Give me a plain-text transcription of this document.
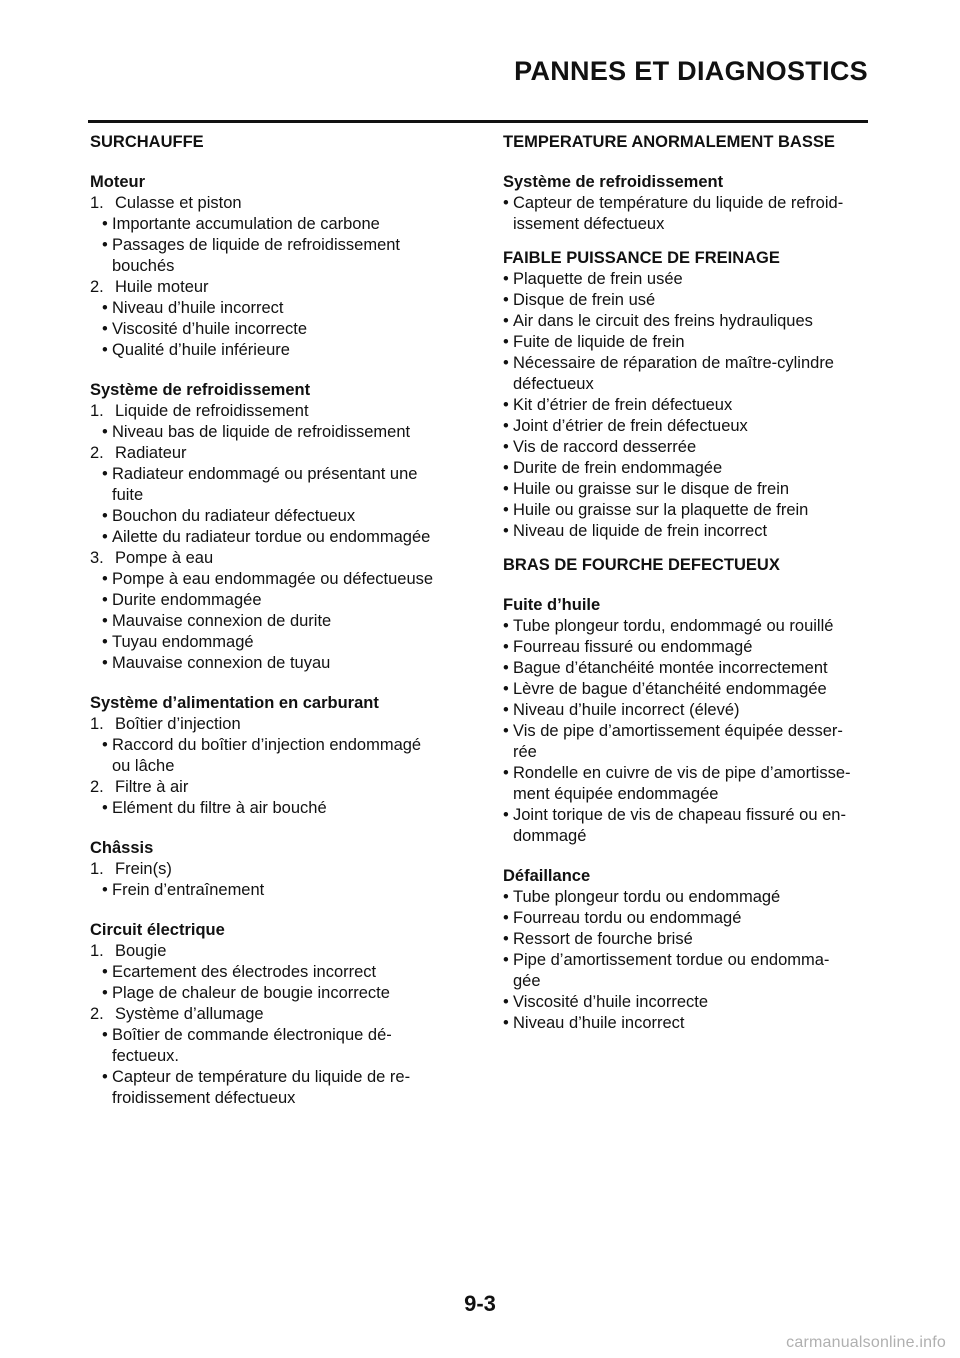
PANNES ET DIAGNOSTICS
SURCHAUFFE
Moteur
1. Culasse et piston
• Importante accumulation de carbone
• Passages de liquide de refroidissement
bouchés
2. Huile moteur
• Niveau d’huile incorrect
• Viscosité d’huile incorrecte
• Qualité d’huile inférieure
Système de refroidissement
1. Liquide de refroidissement
• Niveau bas de liquide de refroidissement
2. Radiateur
• Radiateur endommagé ou présentant une
fuite
• Bouchon du radiateur défectueux
• Ailette du radiateur tordue ou endommagée
3. Pompe à eau
• Pompe à eau endommagée ou défectueuse
• Durite endommagée
• Mauvaise connexion de durite
• Tuyau endommagé
• Mauvaise connexion de tuyau
Système d’alimentation en carburant
1. Boîtier d’injection
• Raccord du boîtier d’injection endommagé
ou lâche
2. Filtre à air
• Elément du filtre à air bouché
Châssis
1. Frein(s)
• Frein d’entraînement
Circuit électrique
1. Bougie
• Ecartement des électrodes incorrect
• Plage de chaleur de bougie incorrecte
2. Système d’allumage
• Boîtier de commande électronique dé-
fectueux.
• Capteur de température du liquide de re-
froidissement défectueux
TEMPERATURE ANORMALEMENT BASSE
Système de refroidissement
• Capteur de température du liquide de refroid-
issement défectueux
FAIBLE PUISSANCE DE FREINAGE
• Plaquette de frein usée
• Disque de frein usé
• Air dans le circuit des freins hydrauliques
• Fuite de liquide de frein
• Nécessaire de réparation de maître-cylindre
défectueux
• Kit d’étrier de frein défectueux
• Joint d’étrier de frein défectueux
• Vis de raccord desserrée
• Durite de frein endommagée
• Huile ou graisse sur le disque de frein
• Huile ou graisse sur la plaquette de frein
• Niveau de liquide de frein incorrect
BRAS DE FOURCHE DEFECTUEUX
Fuite d’huile
• Tube plongeur tordu, endommagé ou rouillé
• Fourreau fissuré ou endommagé
• Bague d’étanchéité montée incorrectement
• Lèvre de bague d’étanchéité endommagée
• Niveau d’huile incorrect (élevé)
• Vis de pipe d’amortissement équipée desser-
rée
• Rondelle en cuivre de vis de pipe d’amortisse-
ment équipée endommagée
• Joint torique de vis de chapeau fissuré ou en-
dommagé
Défaillance
• Tube plongeur tordu ou endommagé
• Fourreau tordu ou endommagé
• Ressort de fourche brisé
• Pipe d’amortissement tordue ou endomma-
gée
• Viscosité d’huile incorrecte
• Niveau d’huile incorrect
9-3
carmanualsonline.info
